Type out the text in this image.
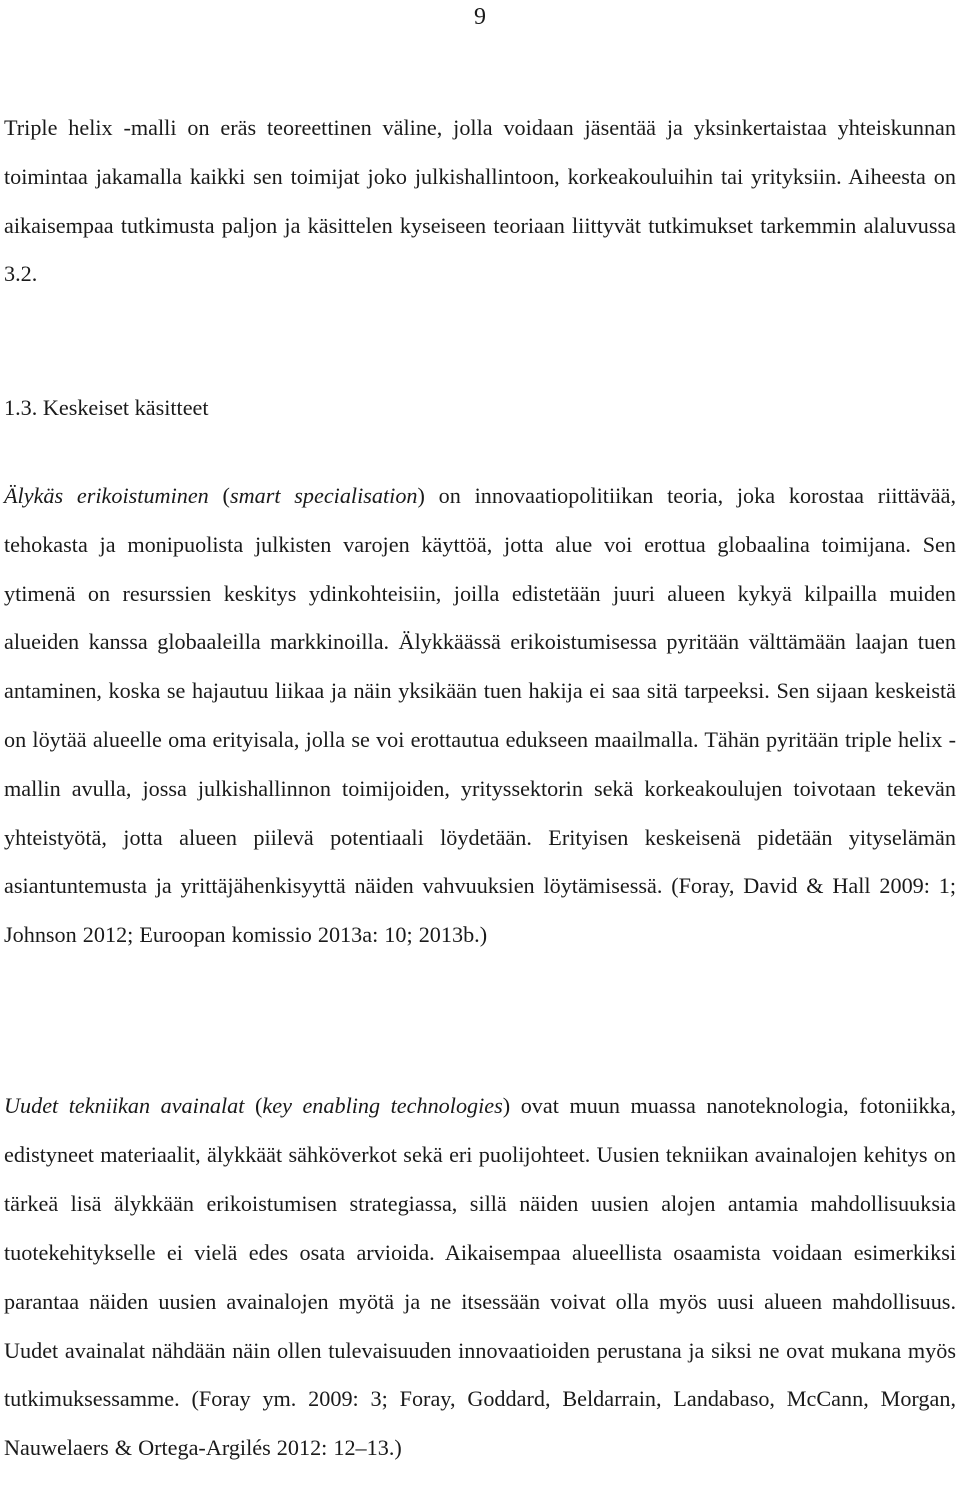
9

Triple helix -malli on eräs teoreettinen väline, jolla voidaan jäsentää ja yksinkertaistaa yhteiskunnan toimintaa jakamalla kaikki sen toimijat joko julkishallintoon, korkeakouluihin tai yrityksiin. Aiheesta on aikaisempaa tutkimusta paljon ja käsittelen kyseiseen teoriaan liittyvät tutkimukset tarkemmin alaluvussa 3.2.

1.3. Keskeiset käsitteet

Älykäs erikoistuminen (smart specialisation) on innovaatiopolitiikan teoria, joka korostaa riittävää, tehokasta ja monipuolista julkisten varojen käyttöä, jotta alue voi erottua globaalina toimijana. Sen ytimenä on resurssien keskitys ydinkohteisiin, joilla edistetään juuri alueen kykyä kilpailla muiden alueiden kanssa globaaleilla markkinoilla. Älykkäässä erikoistumisessa pyritään välttämään laajan tuen antaminen, koska se hajautuu liikaa ja näin yksikään tuen hakija ei saa sitä tarpeeksi. Sen sijaan keskeistä on löytää alueelle oma erityisala, jolla se voi erottautua edukseen maailmalla. Tähän pyritään triple helix -mallin avulla, jossa julkishallinnon toimijoiden, yrityssektorin sekä korkeakoulujen toivotaan tekevän yhteistyötä, jotta alueen piilevä potentiaali löydetään. Erityisen keskeisenä pidetään yityselämän asiantuntemusta ja yrittäjähenkisyyttä näiden vahvuuksien löytämisessä. (Foray, David & Hall 2009: 1; Johnson 2012; Euroopan komissio 2013a: 10; 2013b.)

Uudet tekniikan avainalat (key enabling technologies) ovat muun muassa nanoteknologia, fotoniikka, edistyneet materiaalit, älykkäät sähköverkot sekä eri puolijohteet. Uusien tekniikan avainalojen kehitys on tärkeä lisä älykkään erikoistumisen strategiassa, sillä näiden uusien alojen antamia mahdollisuuksia tuotekehitykselle ei vielä edes osata arvioida. Aikaisempaa alueellista osaamista voidaan esimerkiksi parantaa näiden uusien avainalojen myötä ja ne itsessään voivat olla myös uusi alueen mahdollisuus. Uudet avainalat nähdään näin ollen tulevaisuuden innovaatioiden perustana ja siksi ne ovat mukana myös tutkimuksessamme. (Foray ym. 2009: 3; Foray, Goddard, Beldarrain, Landabaso, McCann, Morgan, Nauwelaers & Ortega-Argilés 2012: 12–13.)
